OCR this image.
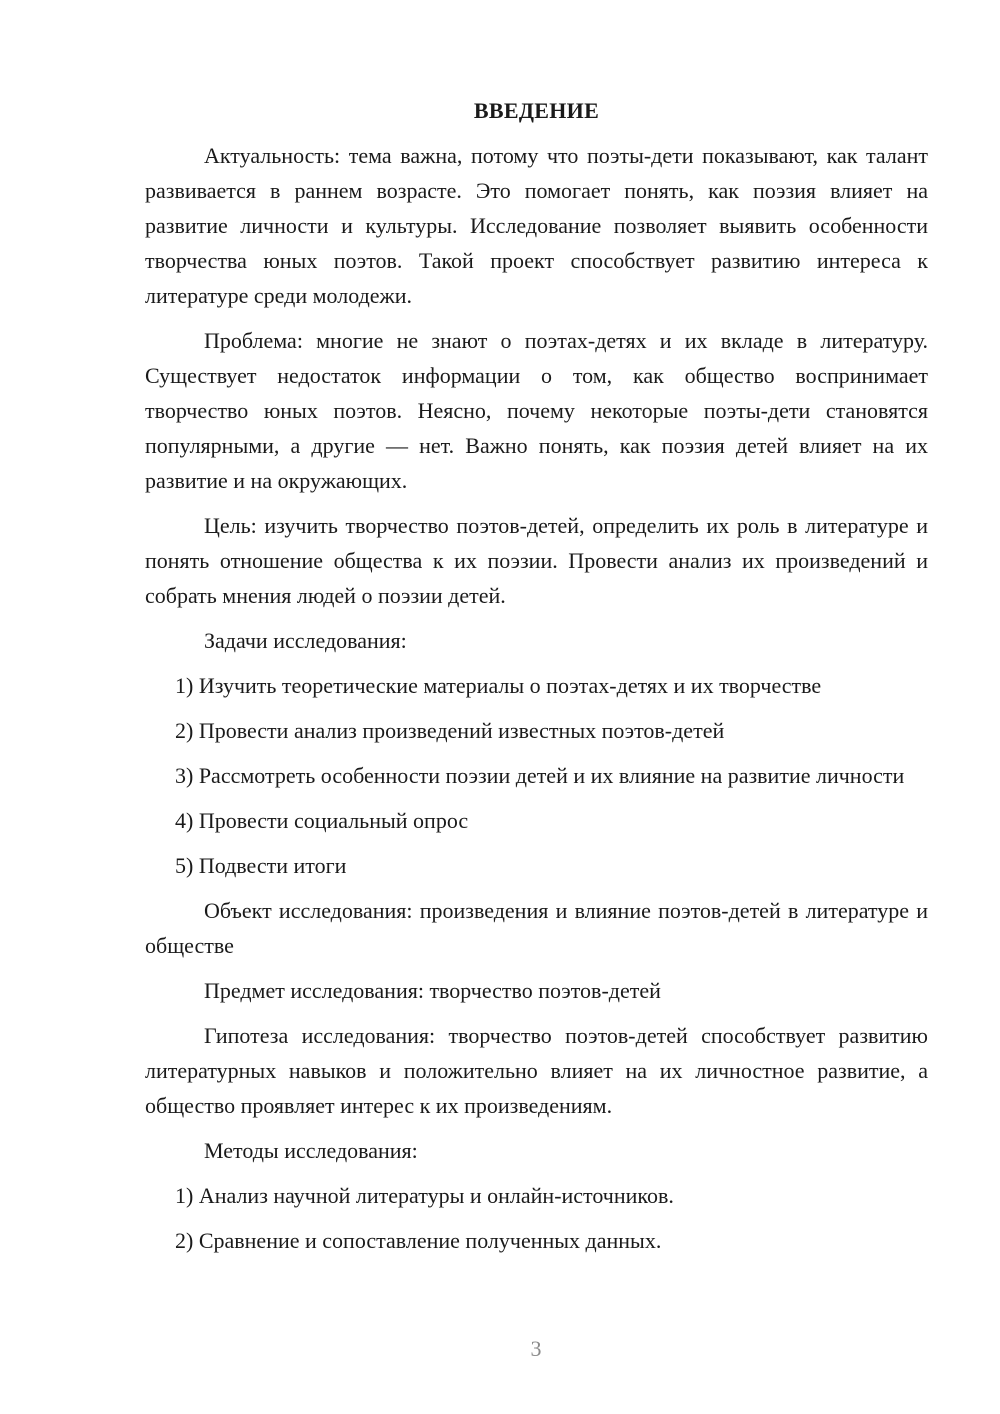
ВВЕДЕНИЕ

Актуальность: тема важна, потому что поэты-дети показывают, как талант развивается в раннем возрасте. Это помогает понять, как поэзия влияет на развитие личности и культуры. Исследование позволяет выявить особенности творчества юных поэтов. Такой проект способствует развитию интереса к литературе среди молодежи.

Проблема: многие не знают о поэтах-детях и их вкладе в литературу. Существует недостаток информации о том, как общество воспринимает творчество юных поэтов. Неясно, почему некоторые поэты-дети становятся популярными, а другие — нет. Важно понять, как поэзия детей влияет на их развитие и на окружающих.

Цель: изучить творчество поэтов-детей, определить их роль в литературе и понять отношение общества к их поэзии. Провести анализ их произведений и собрать мнения людей о поэзии детей.

Задачи исследования:

1) Изучить теоретические материалы о поэтах-детях и их творчестве

2) Провести анализ произведений известных поэтов-детей

3) Рассмотреть особенности поэзии детей и их влияние на развитие личности

4) Провести социальный опрос

5) Подвести итоги

Объект исследования: произведения и влияние поэтов-детей в литературе и обществе

Предмет исследования: творчество поэтов-детей

Гипотеза исследования: творчество поэтов-детей способствует развитию литературных навыков и положительно влияет на их личностное развитие, а общество проявляет интерес к их произведениям.

Методы исследования:

1) Анализ научной литературы и онлайн-источников.

2) Сравнение и сопоставление полученных данных.

3
